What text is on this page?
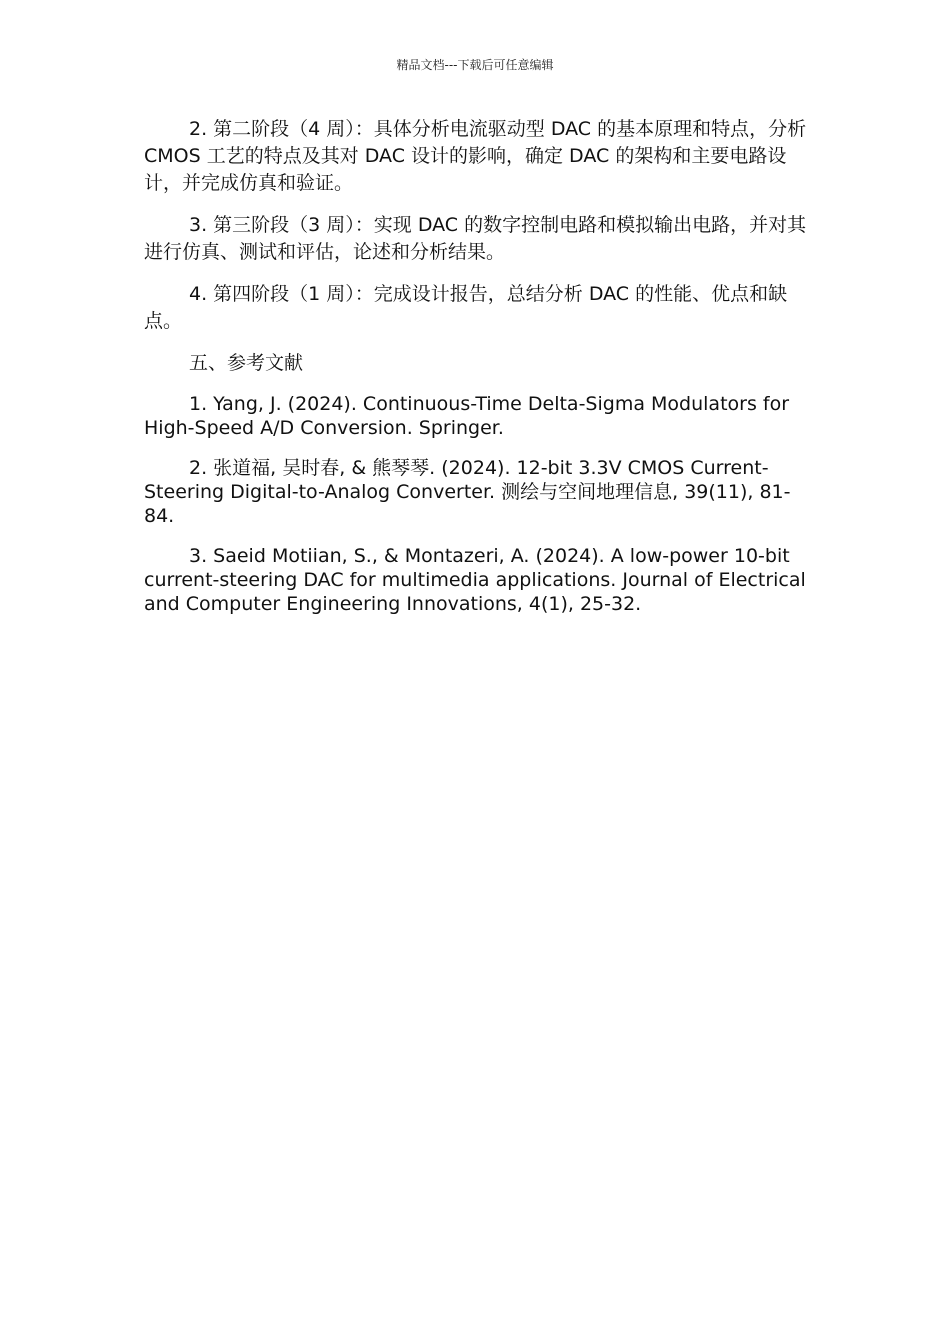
精品文档---下载后可任意编辑

2. 第二阶段（4 周）：具体分析电流驱动型 DAC 的基本原理和特点，分析 CMOS 工艺的特点及其对 DAC 设计的影响，确定 DAC 的架构和主要电路设计，并完成仿真和验证。

3. 第三阶段（3 周）：实现 DAC 的数字控制电路和模拟输出电路，并对其进行仿真、测试和评估，论述和分析结果。

4. 第四阶段（1 周）：完成设计报告，总结分析 DAC 的性能、优点和缺点。

五、参考文献

1. Yang, J. (2024). Continuous-Time Delta-Sigma Modulators for High-Speed A/D Conversion. Springer.

2. 张道福, 吴时春, & 熊琴琴. (2024). 12-bit 3.3V CMOS Current-Steering Digital-to-Analog Converter. 测绘与空间地理信息, 39(11), 81-84.

3. Saeid Motiian, S., & Montazeri, A. (2024). A low-power 10-bit current-steering DAC for multimedia applications. Journal of Electrical and Computer Engineering Innovations, 4(1), 25-32.
